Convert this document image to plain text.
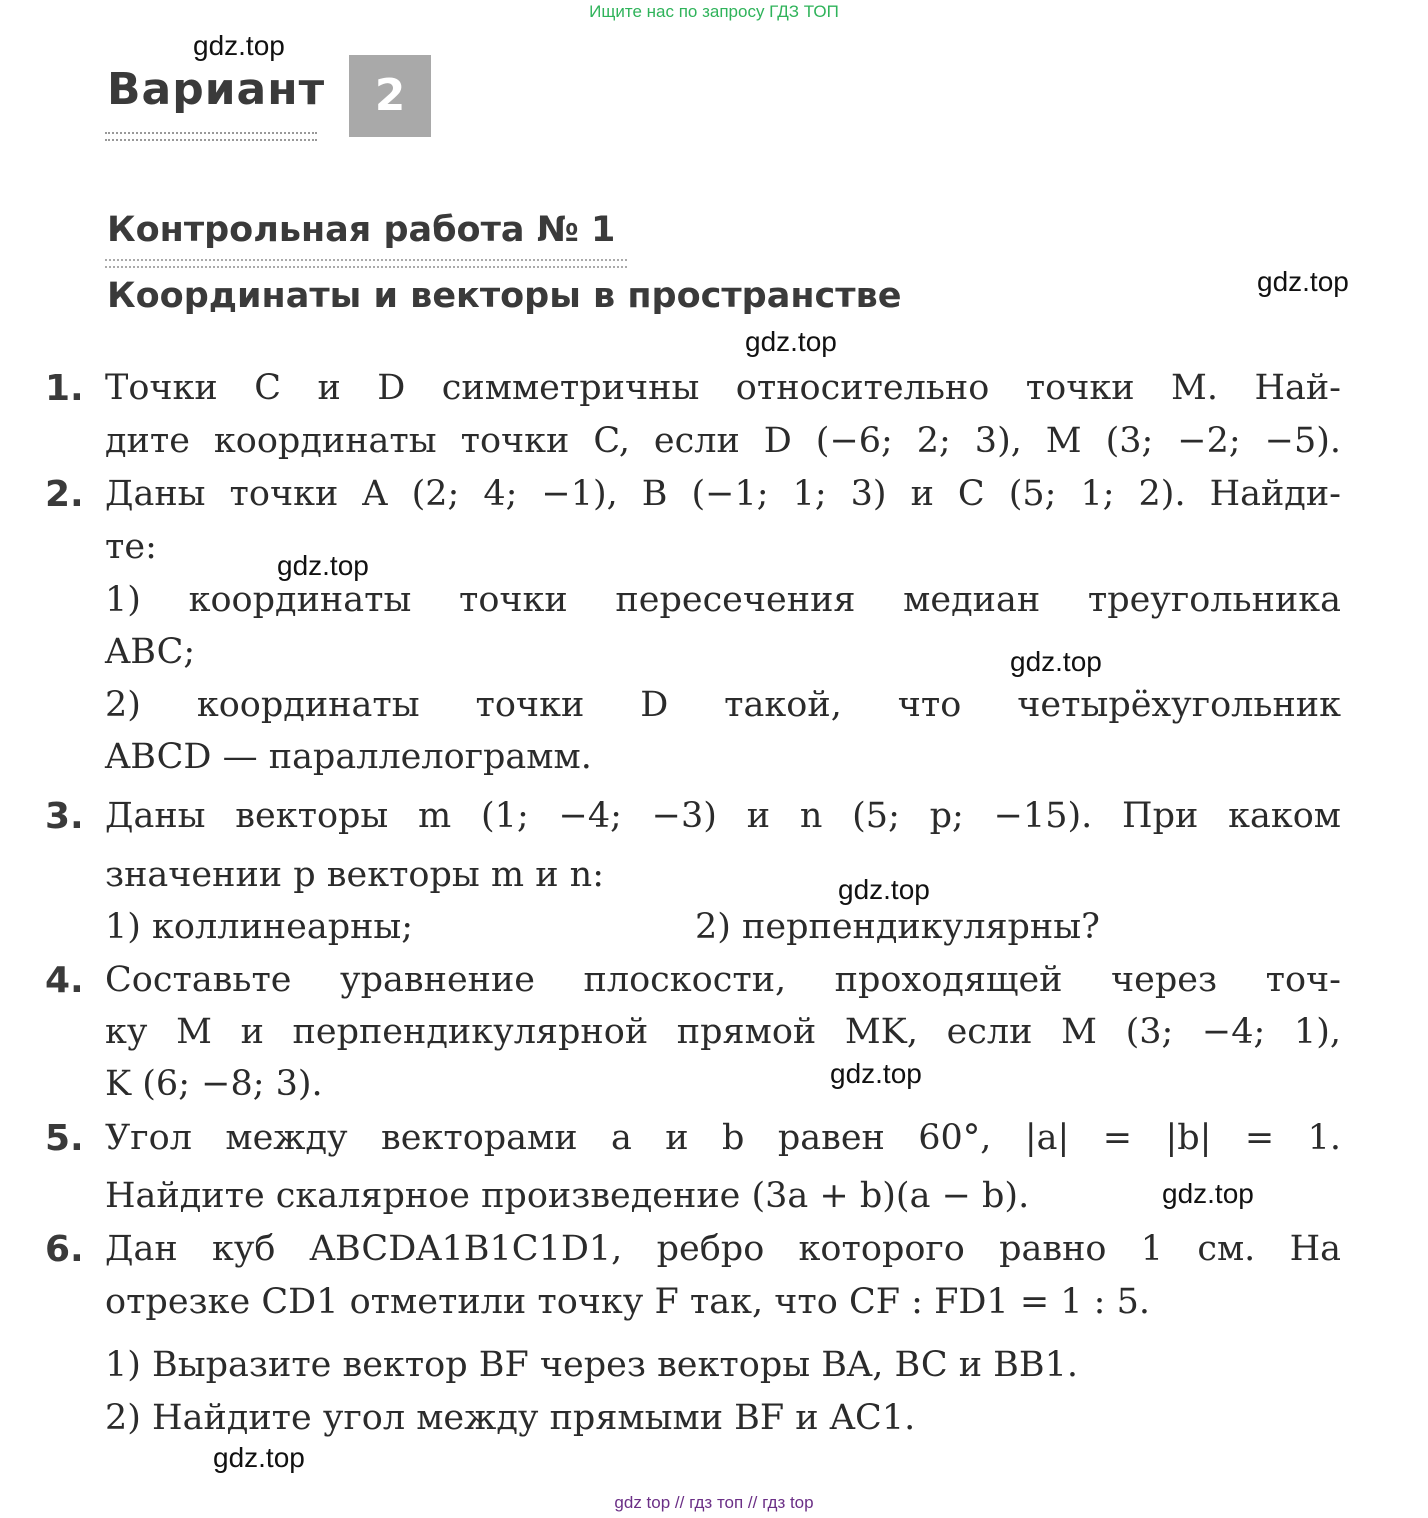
Ищите нас по запросу ГДЗ ТОП
gdz.top
gdz.top
gdz.top
gdz.top
gdz.top
gdz.top
gdz.top
gdz.top
gdz.top
Вариант	2
Контрольная работа № 1
Координаты и векторы в пространстве
1. Точки C и D симметричны относительно точки M. Най-
дите координаты точки C, если D (−6; 2; 3), M (3; −2; −5).
2. Даны точки A (2; 4; −1), B (−1; 1; 3) и C (5; 1; 2). Найди-
те:
1) координаты точки пересечения медиан треугольника
ABC;
2) координаты точки D такой, что четырёхугольник
ABCD — параллелограмм.
3. Даны векторы m (1; −4; −3) и n (5; p; −15). При каком
значении p векторы m и n:
1) коллинеарны;	2) перпендикулярны?
4. Составьте уравнение плоскости, проходящей через точ-
ку M и перпендикулярной прямой MK, если M (3; −4; 1),
K (6; −8; 3).
5. Угол между векторами a и b равен 60°, |a| = |b| = 1.
Найдите скалярное произведение (3a + b)(a − b).
6. Дан куб ABCDA1B1C1D1, ребро которого равно 1 см. На
отрезке CD1 отметили точку F так, что CF : FD1 = 1 : 5.
1) Выразите вектор BF через векторы BA, BC и BB1.
2) Найдите угол между прямыми BF и AC1.
gdz top // гдз топ // гдз top
